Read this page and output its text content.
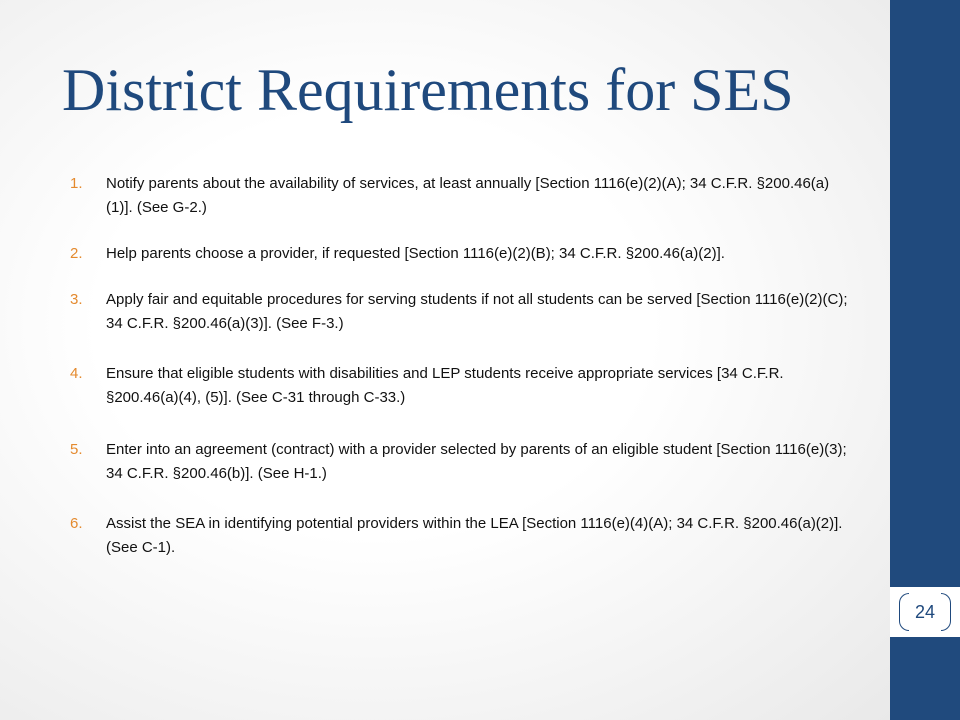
District Requirements for SES
1. Notify parents about the availability of services, at least annually [Section 1116(e)(2)(A); 34 C.F.R. §200.46(a)(1)]. (See G-2.)
2. Help parents choose a provider, if requested [Section 1116(e)(2)(B); 34 C.F.R. §200.46(a)(2)].
3. Apply fair and equitable procedures for serving students if not all students can be served [Section 1116(e)(2)(C); 34 C.F.R. §200.46(a)(3)]. (See F-3.)
4. Ensure that eligible students with disabilities and LEP students receive appropriate services [34 C.F.R. §200.46(a)(4), (5)]. (See C-31 through C-33.)
5. Enter into an agreement (contract) with a provider selected by parents of an eligible student [Section 1116(e)(3); 34 C.F.R. §200.46(b)]. (See H-1.)
6. Assist the SEA in identifying potential providers within the LEA [Section 1116(e)(4)(A); 34 C.F.R. §200.46(a)(2)]. (See C-1).
24
